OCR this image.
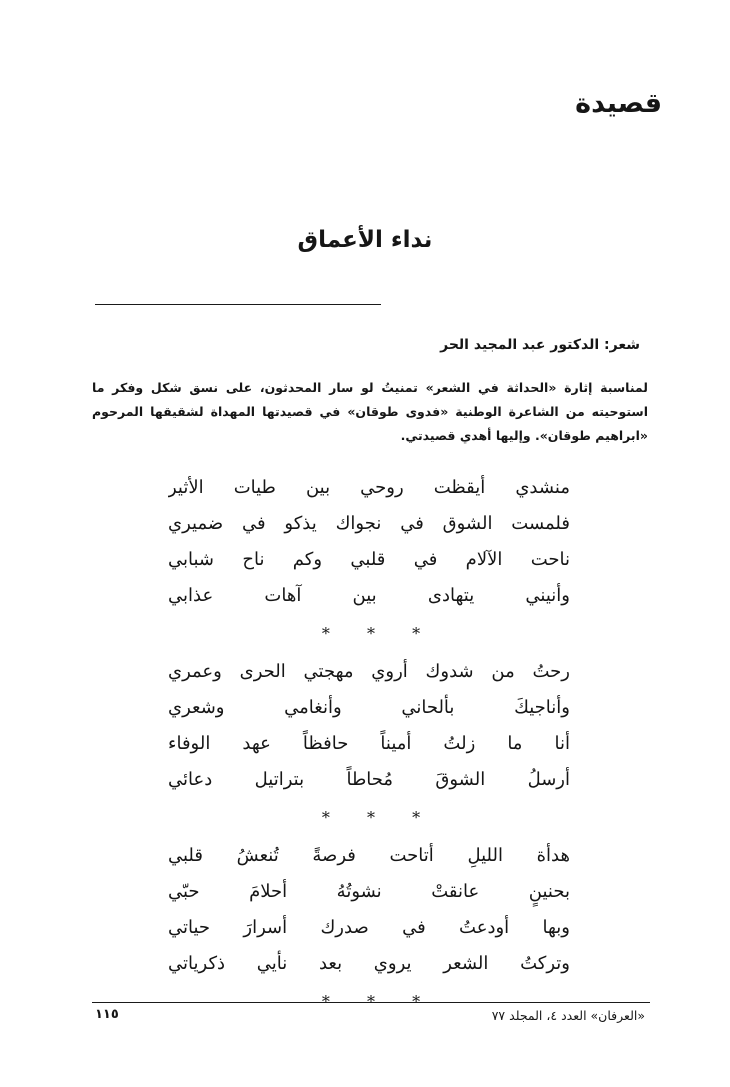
قصيدة
نداء الأعماق

شعر: الدكتور عبد المجيد الحر

لمناسبة إثارة «الحداثة في الشعر» تمنيتُ لو سار المحدثون، على نسق شكل وفكر ما استوحيته من الشاعرة الوطنية «فدوى طوقان» في قصيدتها المهداة لشقيقها المرحوم «ابراهيم طوقان». وإليها أهدي قصيدتي.

منشدي أيقظت روحي بين طيات الأثير
فلمست الشوق في نجواك يذكو في ضميري
ناحت الآلام في قلبي وكم ناح شبابي
وأنيني يتهادى بين آهات عذابي
* * *
رحتُ من شدوك أروي مهجتي الحرى وعمري
وأناجيكَ بألحاني وأنغامي وشعري
أنا ما زلتُ أميناً حافظاً عهد الوفاء
أرسلُ الشوقَ مُحاطاً بتراتيل دعائي
* * *
هدأة الليلِ أتاحت فرصةً تُنعشُ قلبي
بحنينٍ عانقتْ نشوتُهُ أحلامَ حبّي
وبها أودعتُ في صدرك أسرارَ حياتي
وتركتُ الشعر يروي بعد نأيي ذكرياتي
* * *

«العرفان» العدد ٤، المجلد ٧٧

١١٥
